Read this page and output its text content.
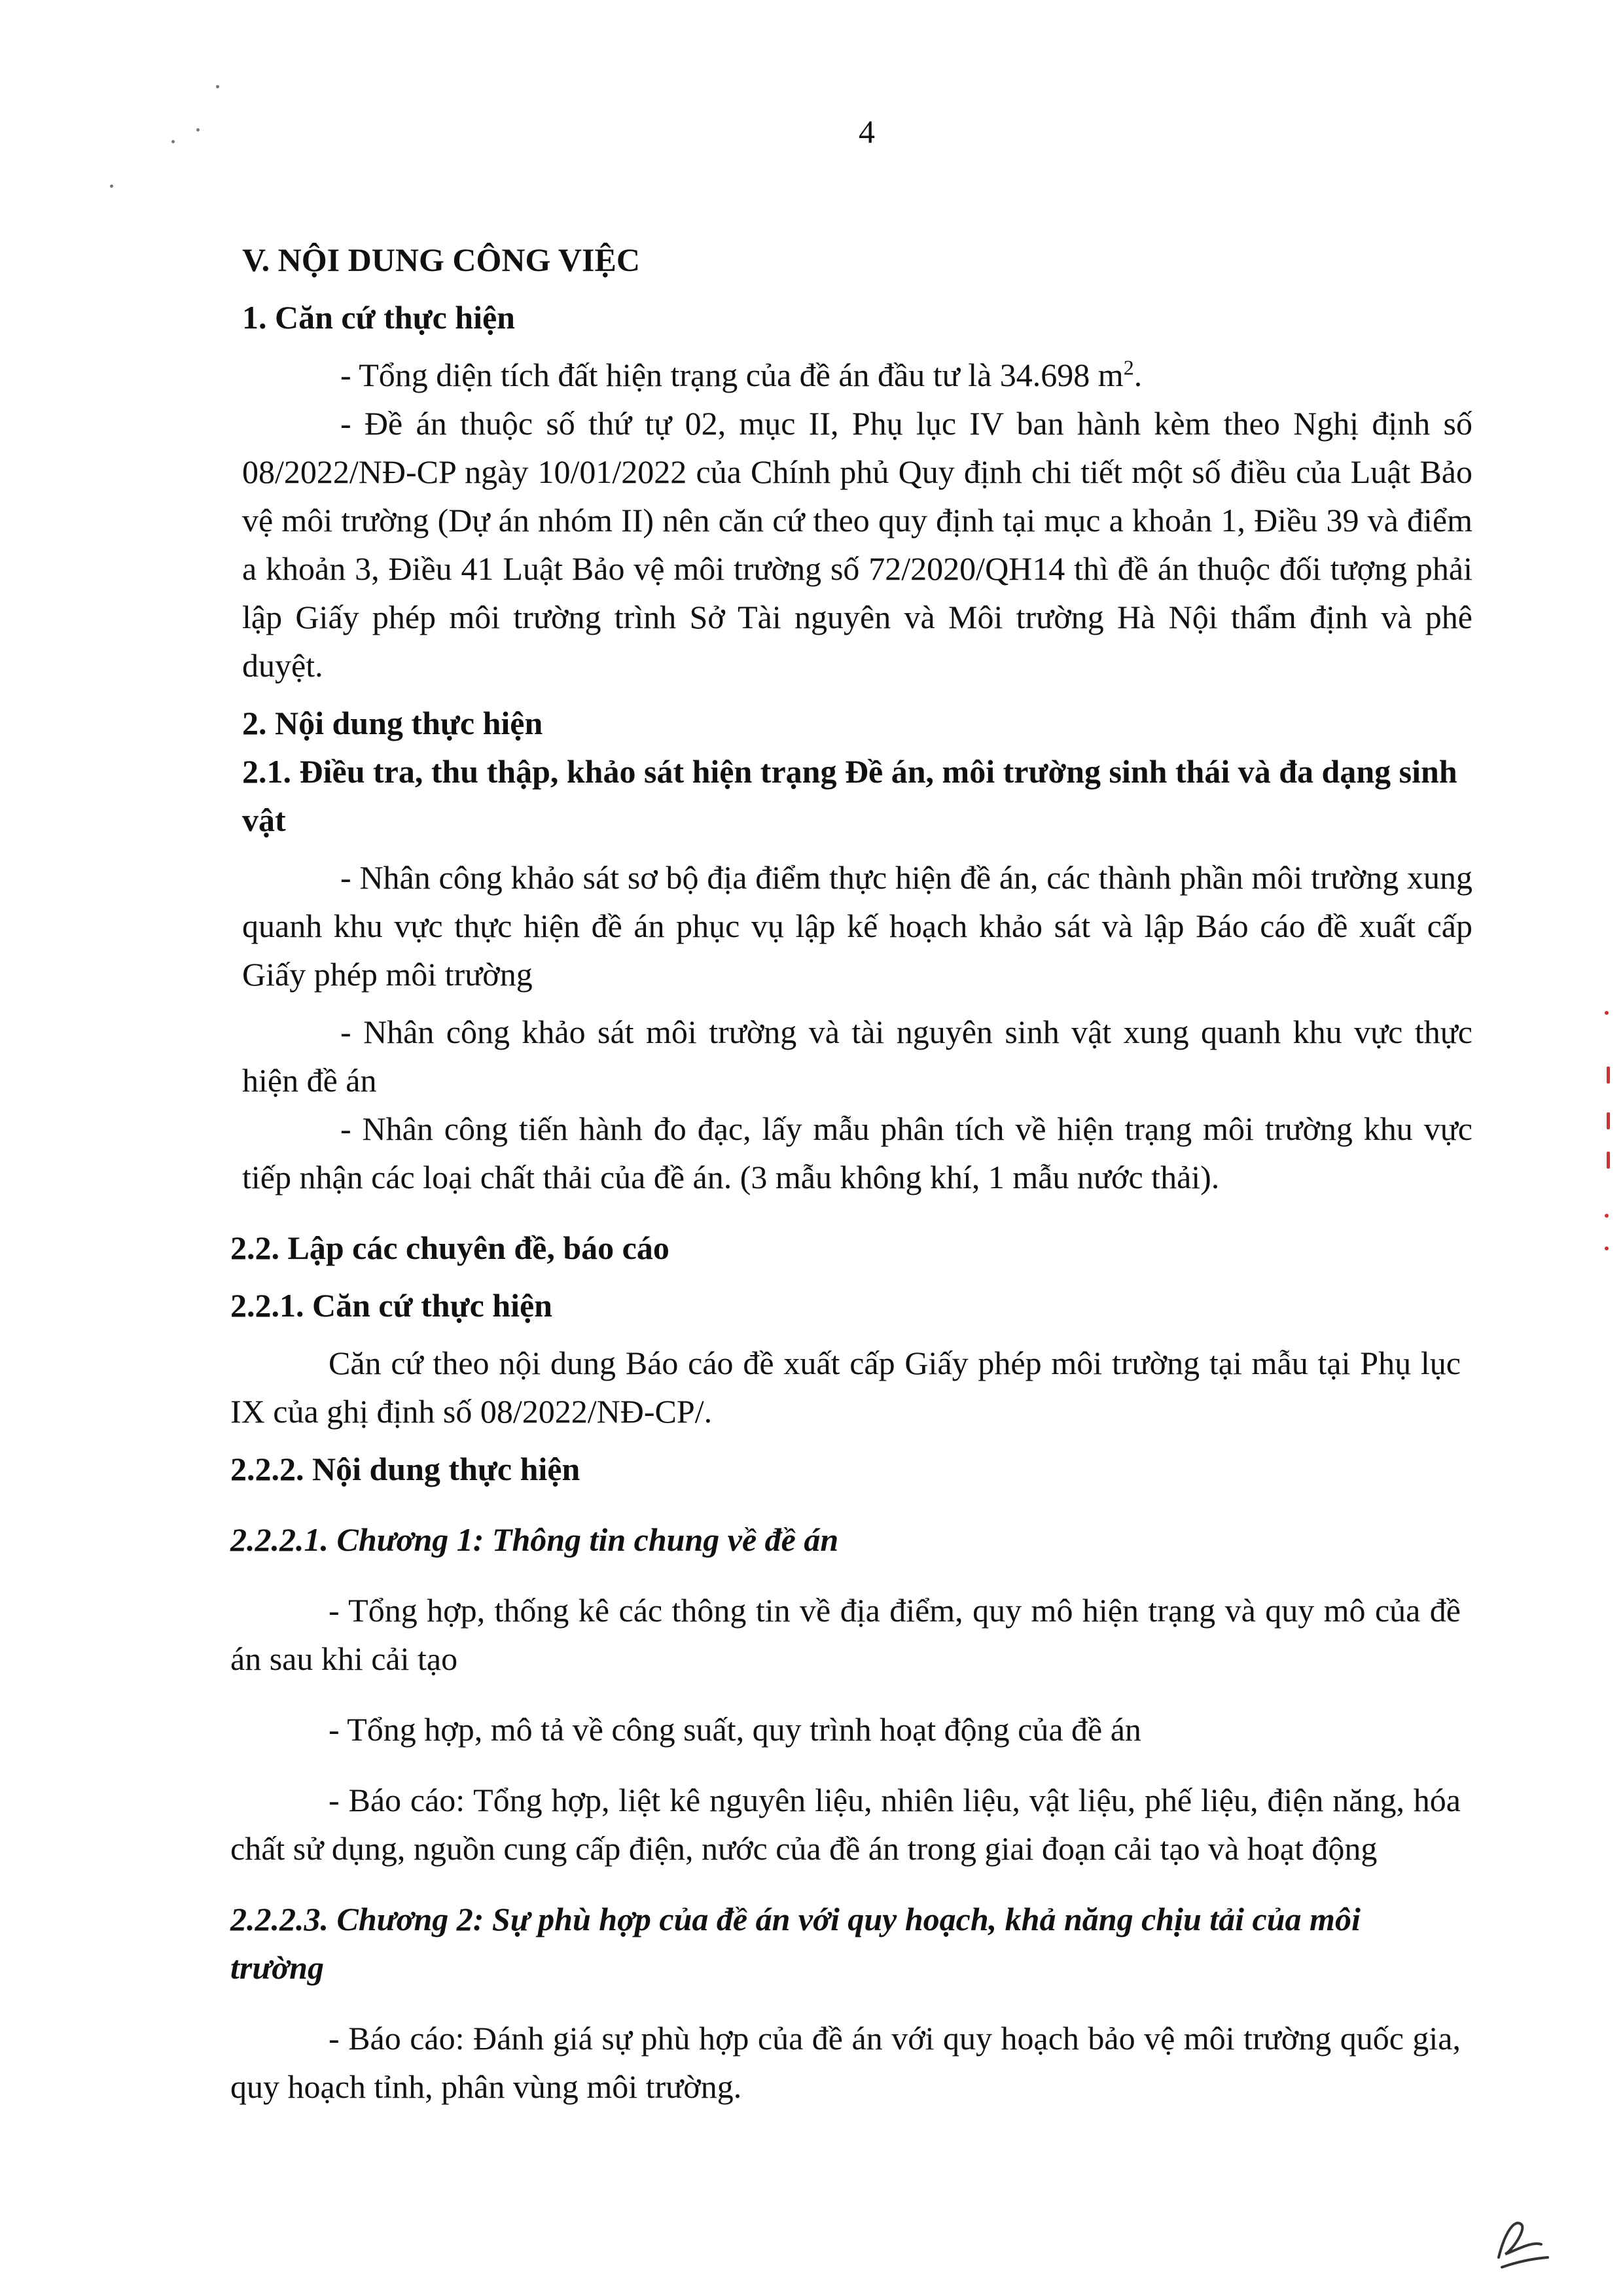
4

V. NỘI DUNG CÔNG VIỆC

1. Căn cứ thực hiện

- Tổng diện tích đất hiện trạng của đề án đầu tư là 34.698 $m^2$.

- Đề án thuộc số thứ tự 02, mục II, Phụ lục IV ban hành kèm theo Nghị định số 08/2022/NĐ-CP ngày 10/01/2022 của Chính phủ Quy định chi tiết một số điều của Luật Bảo vệ môi trường (Dự án nhóm II) nên căn cứ theo quy định tại mục a khoản 1, Điều 39 và điểm a khoản 3, Điều 41 Luật Bảo vệ môi trường số 72/2020/QH14 thì đề án thuộc đối tượng phải lập Giấy phép môi trường trình Sở Tài nguyên và Môi trường Hà Nội thẩm định và phê duyệt.

2. Nội dung thực hiện

2.1. Điều tra, thu thập, khảo sát hiện trạng Đề án, môi trường sinh thái và đa dạng sinh vật

- Nhân công khảo sát sơ bộ địa điểm thực hiện đề án, các thành phần môi trường xung quanh khu vực thực hiện đề án phục vụ lập kế hoạch khảo sát và lập Báo cáo đề xuất cấp Giấy phép môi trường

- Nhân công khảo sát môi trường và tài nguyên sinh vật xung quanh khu vực thực hiện đề án

- Nhân công tiến hành đo đạc, lấy mẫu phân tích về hiện trạng môi trường khu vực tiếp nhận các loại chất thải của đề án. (3 mẫu không khí, 1 mẫu nước thải).

2.2. Lập các chuyên đề, báo cáo

2.2.1. Căn cứ thực hiện

Căn cứ theo nội dung Báo cáo đề xuất cấp Giấy phép môi trường tại mẫu tại Phụ lục IX của ghị định số 08/2022/NĐ-CP/.

2.2.2. Nội dung thực hiện

2.2.2.1. Chương 1: Thông tin chung về đề án

- Tổng hợp, thống kê các thông tin về địa điểm, quy mô hiện trạng và quy mô của đề án sau khi cải tạo

- Tổng hợp, mô tả về công suất, quy trình hoạt động của đề án

- Báo cáo: Tổng hợp, liệt kê nguyên liệu, nhiên liệu, vật liệu, phế liệu, điện năng, hóa chất sử dụng, nguồn cung cấp điện, nước của đề án trong giai đoạn cải tạo và hoạt động

2.2.2.3. Chương 2: Sự phù hợp của đề án với quy hoạch, khả năng chịu tải của môi trường

- Báo cáo: Đánh giá sự phù hợp của đề án với quy hoạch bảo vệ môi trường quốc gia, quy hoạch tỉnh, phân vùng môi trường.
